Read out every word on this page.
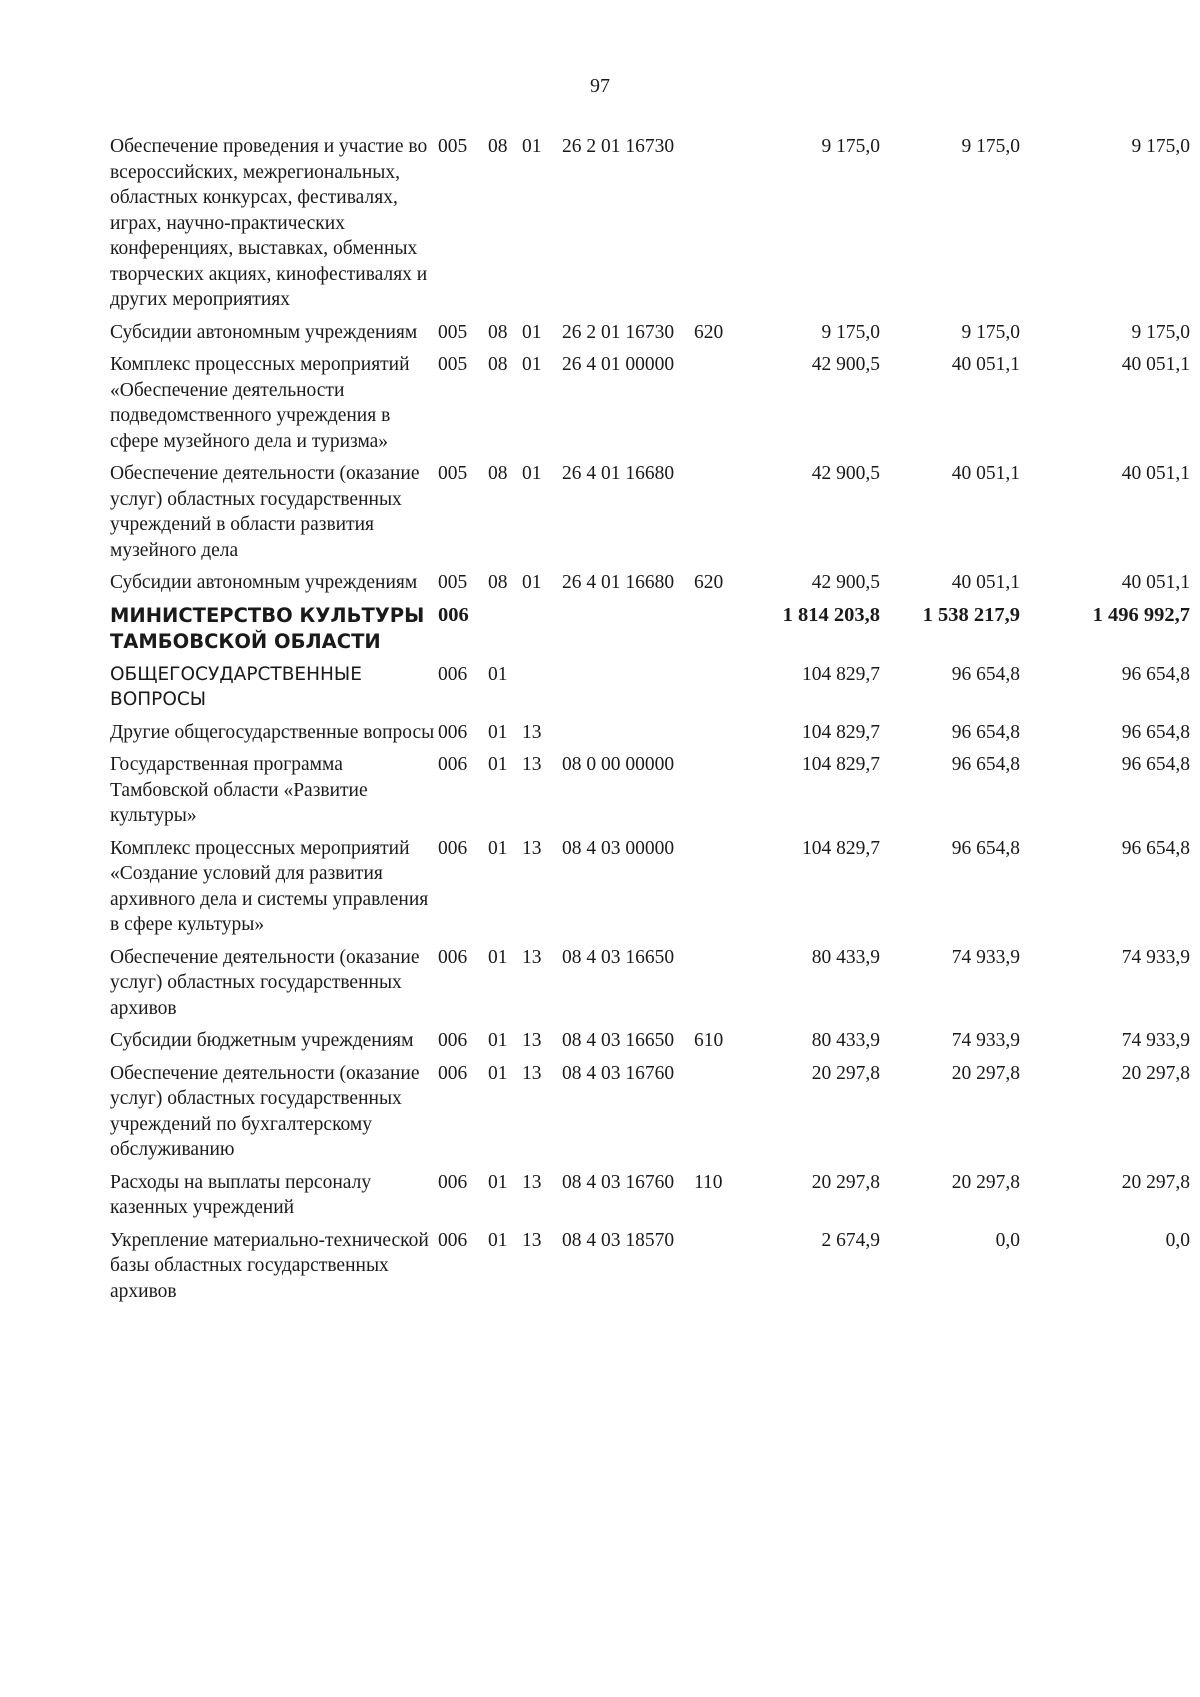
97
Обеспечение проведения и участие во всероссийских, межрегиональных, областных конкурсах, фестивалях, играх, научно-практических конференциях, выставках, обменных творческих акциях, кинофестивалях и других мероприятиях	005	08	01	26 2 01 16730		9 175,0	9 175,0	9 175,0
Субсидии автономным учреждениям	005	08	01	26 2 01 16730	620	9 175,0	9 175,0	9 175,0
Комплекс процессных мероприятий «Обеспечение деятельности подведомственного учреждения в сфере музейного дела и туризма»	005	08	01	26 4 01 00000		42 900,5	40 051,1	40 051,1
Обеспечение деятельности (оказание услуг) областных государственных учреждений в области развития музейного дела	005	08	01	26 4 01 16680		42 900,5	40 051,1	40 051,1
Субсидии автономным учреждениям	005	08	01	26 4 01 16680	620	42 900,5	40 051,1	40 051,1
МИНИСТЕРСТВО КУЛЬТУРЫ ТАМБОВСКОЙ ОБЛАСТИ	006					1 814 203,8	1 538 217,9	1 496 992,7
ОБЩЕГОСУДАРСТВЕННЫЕ ВОПРОСЫ	006	01				104 829,7	96 654,8	96 654,8
Другие общегосударственные вопросы	006	01	13			104 829,7	96 654,8	96 654,8
Государственная программа Тамбовской области «Развитие культуры»	006	01	13	08 0 00 00000		104 829,7	96 654,8	96 654,8
Комплекс процессных мероприятий «Создание условий для развития архивного дела и системы управления в сфере культуры»	006	01	13	08 4 03 00000		104 829,7	96 654,8	96 654,8
Обеспечение деятельности (оказание услуг) областных государственных архивов	006	01	13	08 4 03 16650		80 433,9	74 933,9	74 933,9
Субсидии бюджетным учреждениям	006	01	13	08 4 03 16650	610	80 433,9	74 933,9	74 933,9
Обеспечение деятельности (оказание услуг) областных государственных учреждений по бухгалтерскому обслуживанию	006	01	13	08 4 03 16760		20 297,8	20 297,8	20 297,8
Расходы на выплаты персоналу казенных учреждений	006	01	13	08 4 03 16760	110	20 297,8	20 297,8	20 297,8
Укрепление материально-технической базы областных государственных архивов	006	01	13	08 4 03 18570		2 674,9	0,0	0,0
